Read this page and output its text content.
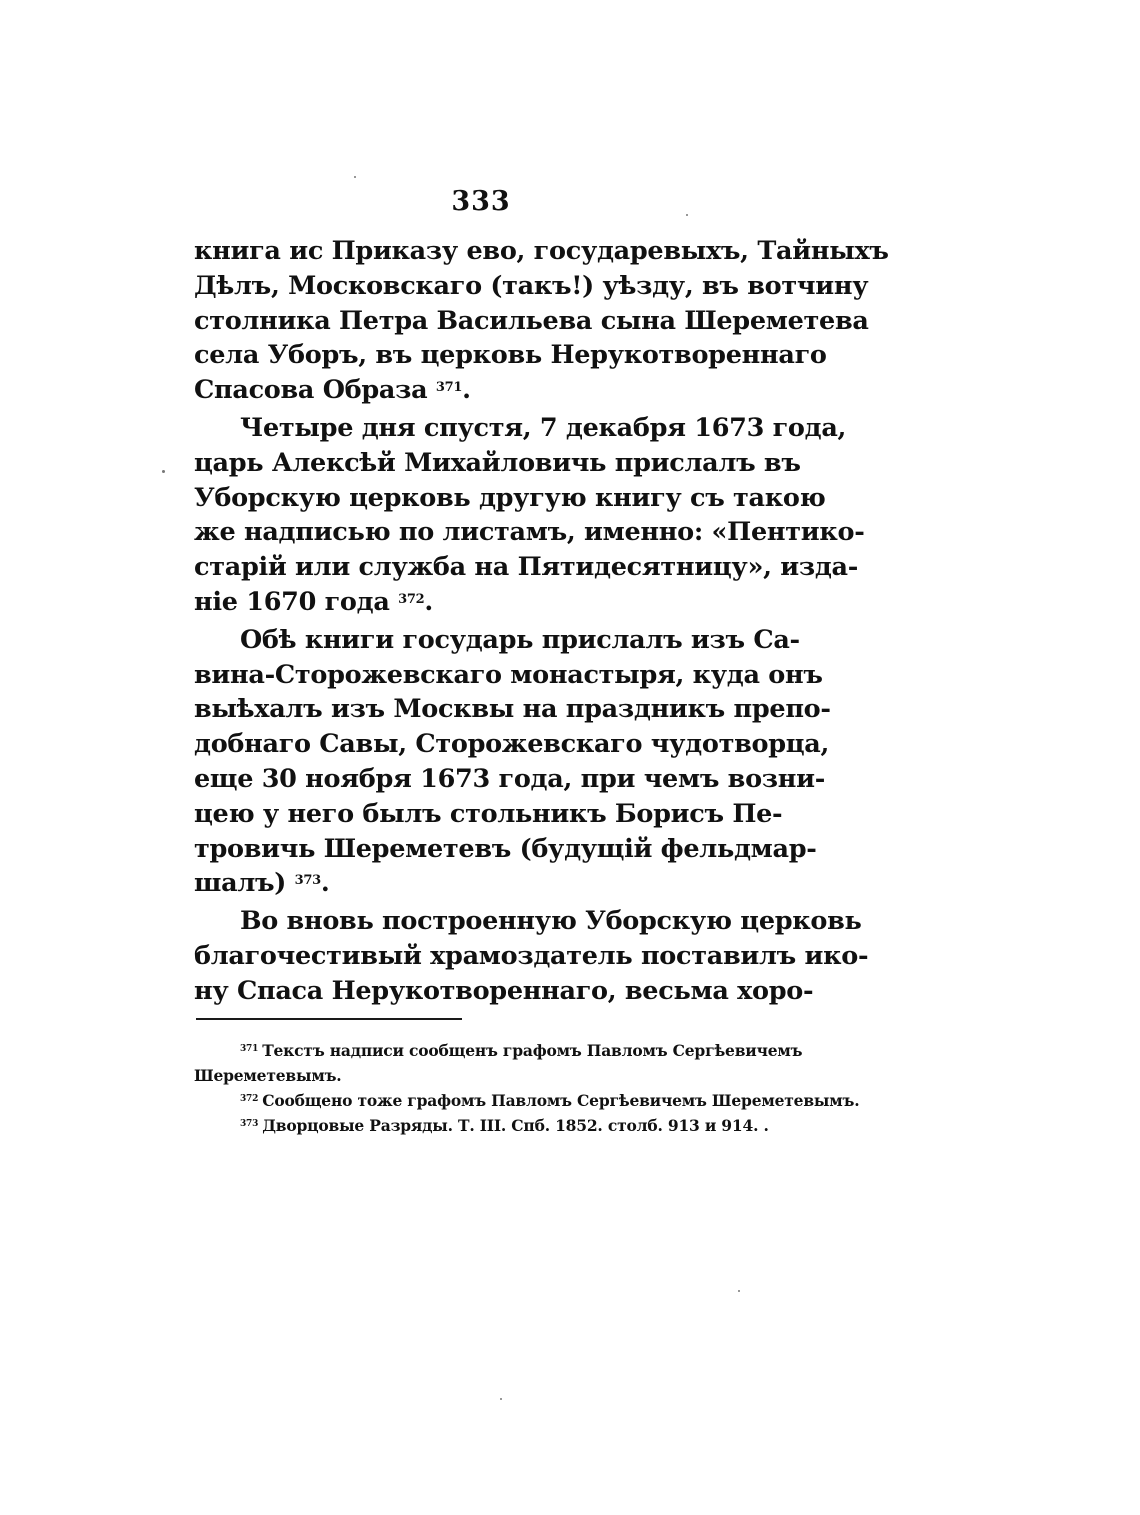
333
книга ис Приказу ево, государевыхъ, Тайныхъ
Дѣлъ, Московскаго (такъ!) уѣзду, въ вотчину
столника Петра Васильева сына Шереметева
села Уборъ, въ церковь Нерукотвореннаго
Спасова Образа $^{371}$.
Четыре дня спустя, 7 декабря 1673 года,
царь Алексѣй Михайловичь прислалъ въ
Уборскую церковь другую книгу съ такою
же надписью по листамъ, именно: «Пентико-
старій или служба на Пятидесятницу», изда-
ніе 1670 года $^{372}$.
Обѣ книги государь прислалъ изъ Са-
вина-Сторожевскаго монастыря, куда онъ
выѣхалъ изъ Москвы на праздникъ препо-
добнаго Савы, Сторожевскаго чудотворца,
еще 30 ноября 1673 года, при чемъ возни-
цею у него былъ стольникъ Борисъ Пе-
тровичь Шереметевъ (будущій фельдмар-
шалъ) $^{373}$.
Во вновь построенную Уборскую церковь
благочестивый храмоздатель поставилъ ико-
ну Спаса Нерукотвореннаго, весьма хоро-
$^{371}$ Текстъ надписи сообщенъ графомъ Павломъ Сергѣевичемъ
Шереметевымъ.
$^{372}$ Сообщено тоже графомъ Павломъ Сергѣевичемъ Шереметевымъ.
$^{373}$ Дворцовые Разряды. Т. III. Спб. 1852. столб. 913 и 914. .
